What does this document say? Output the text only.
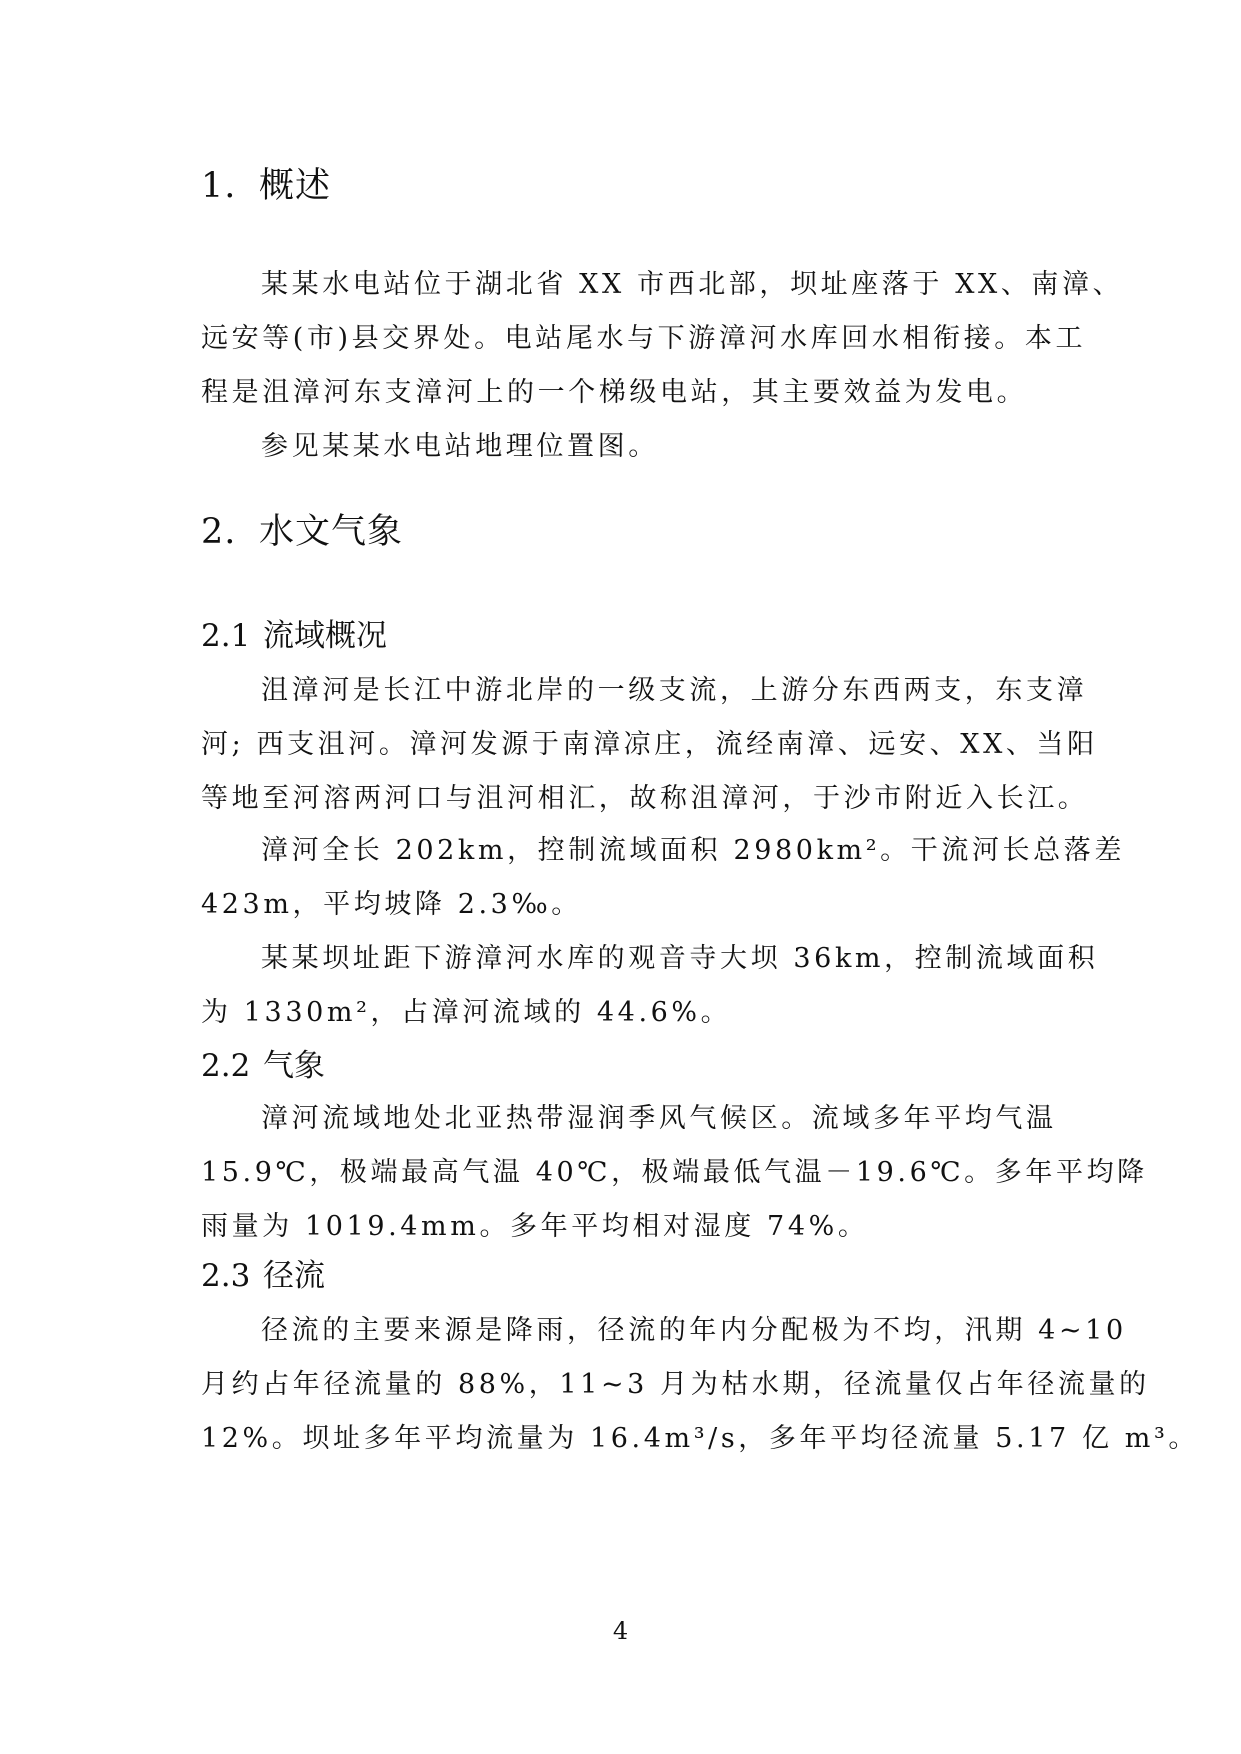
1. 概述
某某水电站位于湖北省 XX 市西北部，坝址座落于 XX、南漳、
远安等(市)县交界处。电站尾水与下游漳河水库回水相衔接。本工
程是沮漳河东支漳河上的一个梯级电站，其主要效益为发电。
参见某某水电站地理位置图。
2. 水文气象
2.1 流域概况
沮漳河是长江中游北岸的一级支流，上游分东西两支，东支漳
河; 西支沮河。漳河发源于南漳凉庄，流经南漳、远安、XX、当阳
等地至河溶两河口与沮河相汇，故称沮漳河，于沙市附近入长江。
漳河全长 202km，控制流域面积 2980km²。干流河长总落差
423m，平均坡降 2.3‰。
某某坝址距下游漳河水库的观音寺大坝 36km，控制流域面积
为 1330m²，占漳河流域的 44.6%。
2.2 气象
漳河流域地处北亚热带湿润季风气候区。流域多年平均气温
15.9℃，极端最高气温 40℃，极端最低气温－19.6℃。多年平均降
雨量为 1019.4mm。多年平均相对湿度 74%。
2.3 径流
径流的主要来源是降雨，径流的年内分配极为不均，汛期 4~10
月约占年径流量的 88%，11~3 月为枯水期，径流量仅占年径流量的
12%。坝址多年平均流量为 16.4m³/s，多年平均径流量 5.17 亿 m³。
4
